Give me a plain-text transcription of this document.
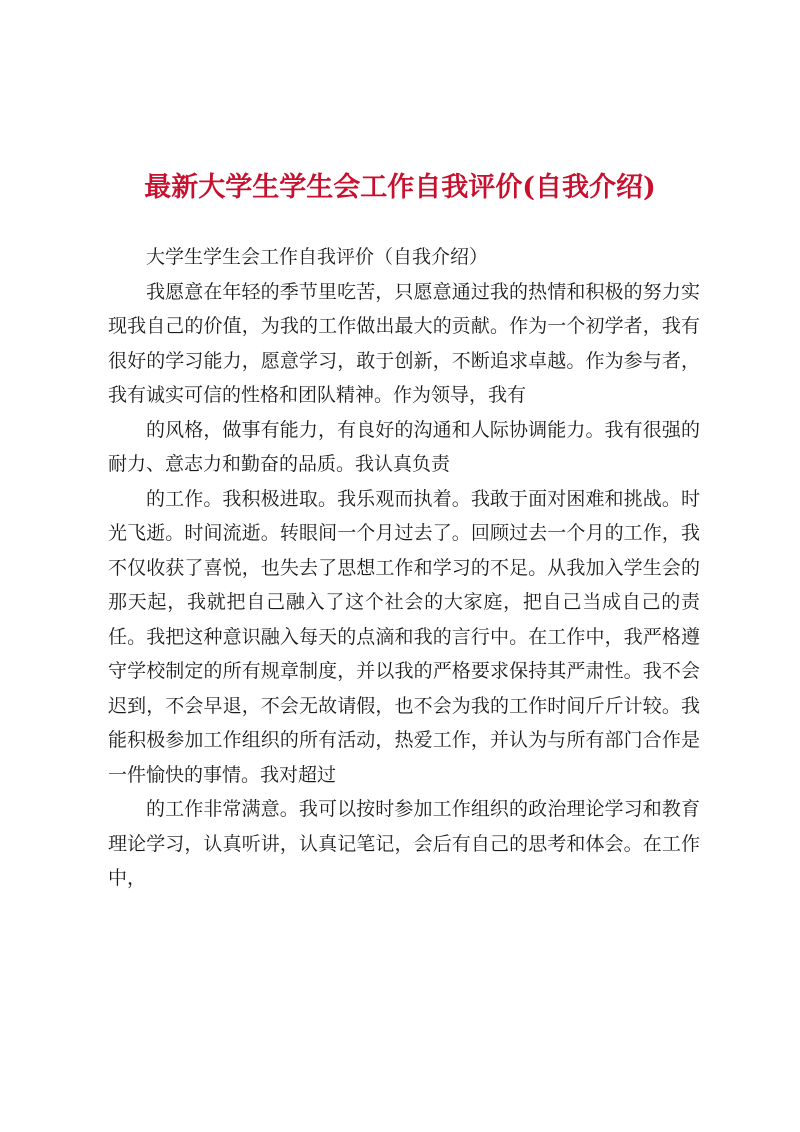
最新大学生学生会工作自我评价(自我介绍)

大学生学生会工作自我评价（自我介绍）

我愿意在年轻的季节里吃苦，只愿意通过我的热情和积极的努力实现我自己的价值，为我的工作做出最大的贡献。作为一个初学者，我有很好的学习能力，愿意学习，敢于创新，不断追求卓越。作为参与者，我有诚实可信的性格和团队精神。作为领导，我有

的风格，做事有能力，有良好的沟通和人际协调能力。我有很强的耐力、意志力和勤奋的品质。我认真负责

的工作。我积极进取。我乐观而执着。我敢于面对困难和挑战。时光飞逝。时间流逝。转眼间一个月过去了。回顾过去一个月的工作，我不仅收获了喜悦，也失去了思想工作和学习的不足。从我加入学生会的那天起，我就把自己融入了这个社会的大家庭，把自己当成自己的责任。我把这种意识融入每天的点滴和我的言行中。在工作中，我严格遵守学校制定的所有规章制度，并以我的严格要求保持其严肃性。我不会迟到，不会早退，不会无故请假，也不会为我的工作时间斤斤计较。我能积极参加工作组织的所有活动，热爱工作，并认为与所有部门合作是一件愉快的事情。我对超过

的工作非常满意。我可以按时参加工作组织的政治理论学习和教育理论学习，认真听讲，认真记笔记，会后有自己的思考和体会。在工作中，
